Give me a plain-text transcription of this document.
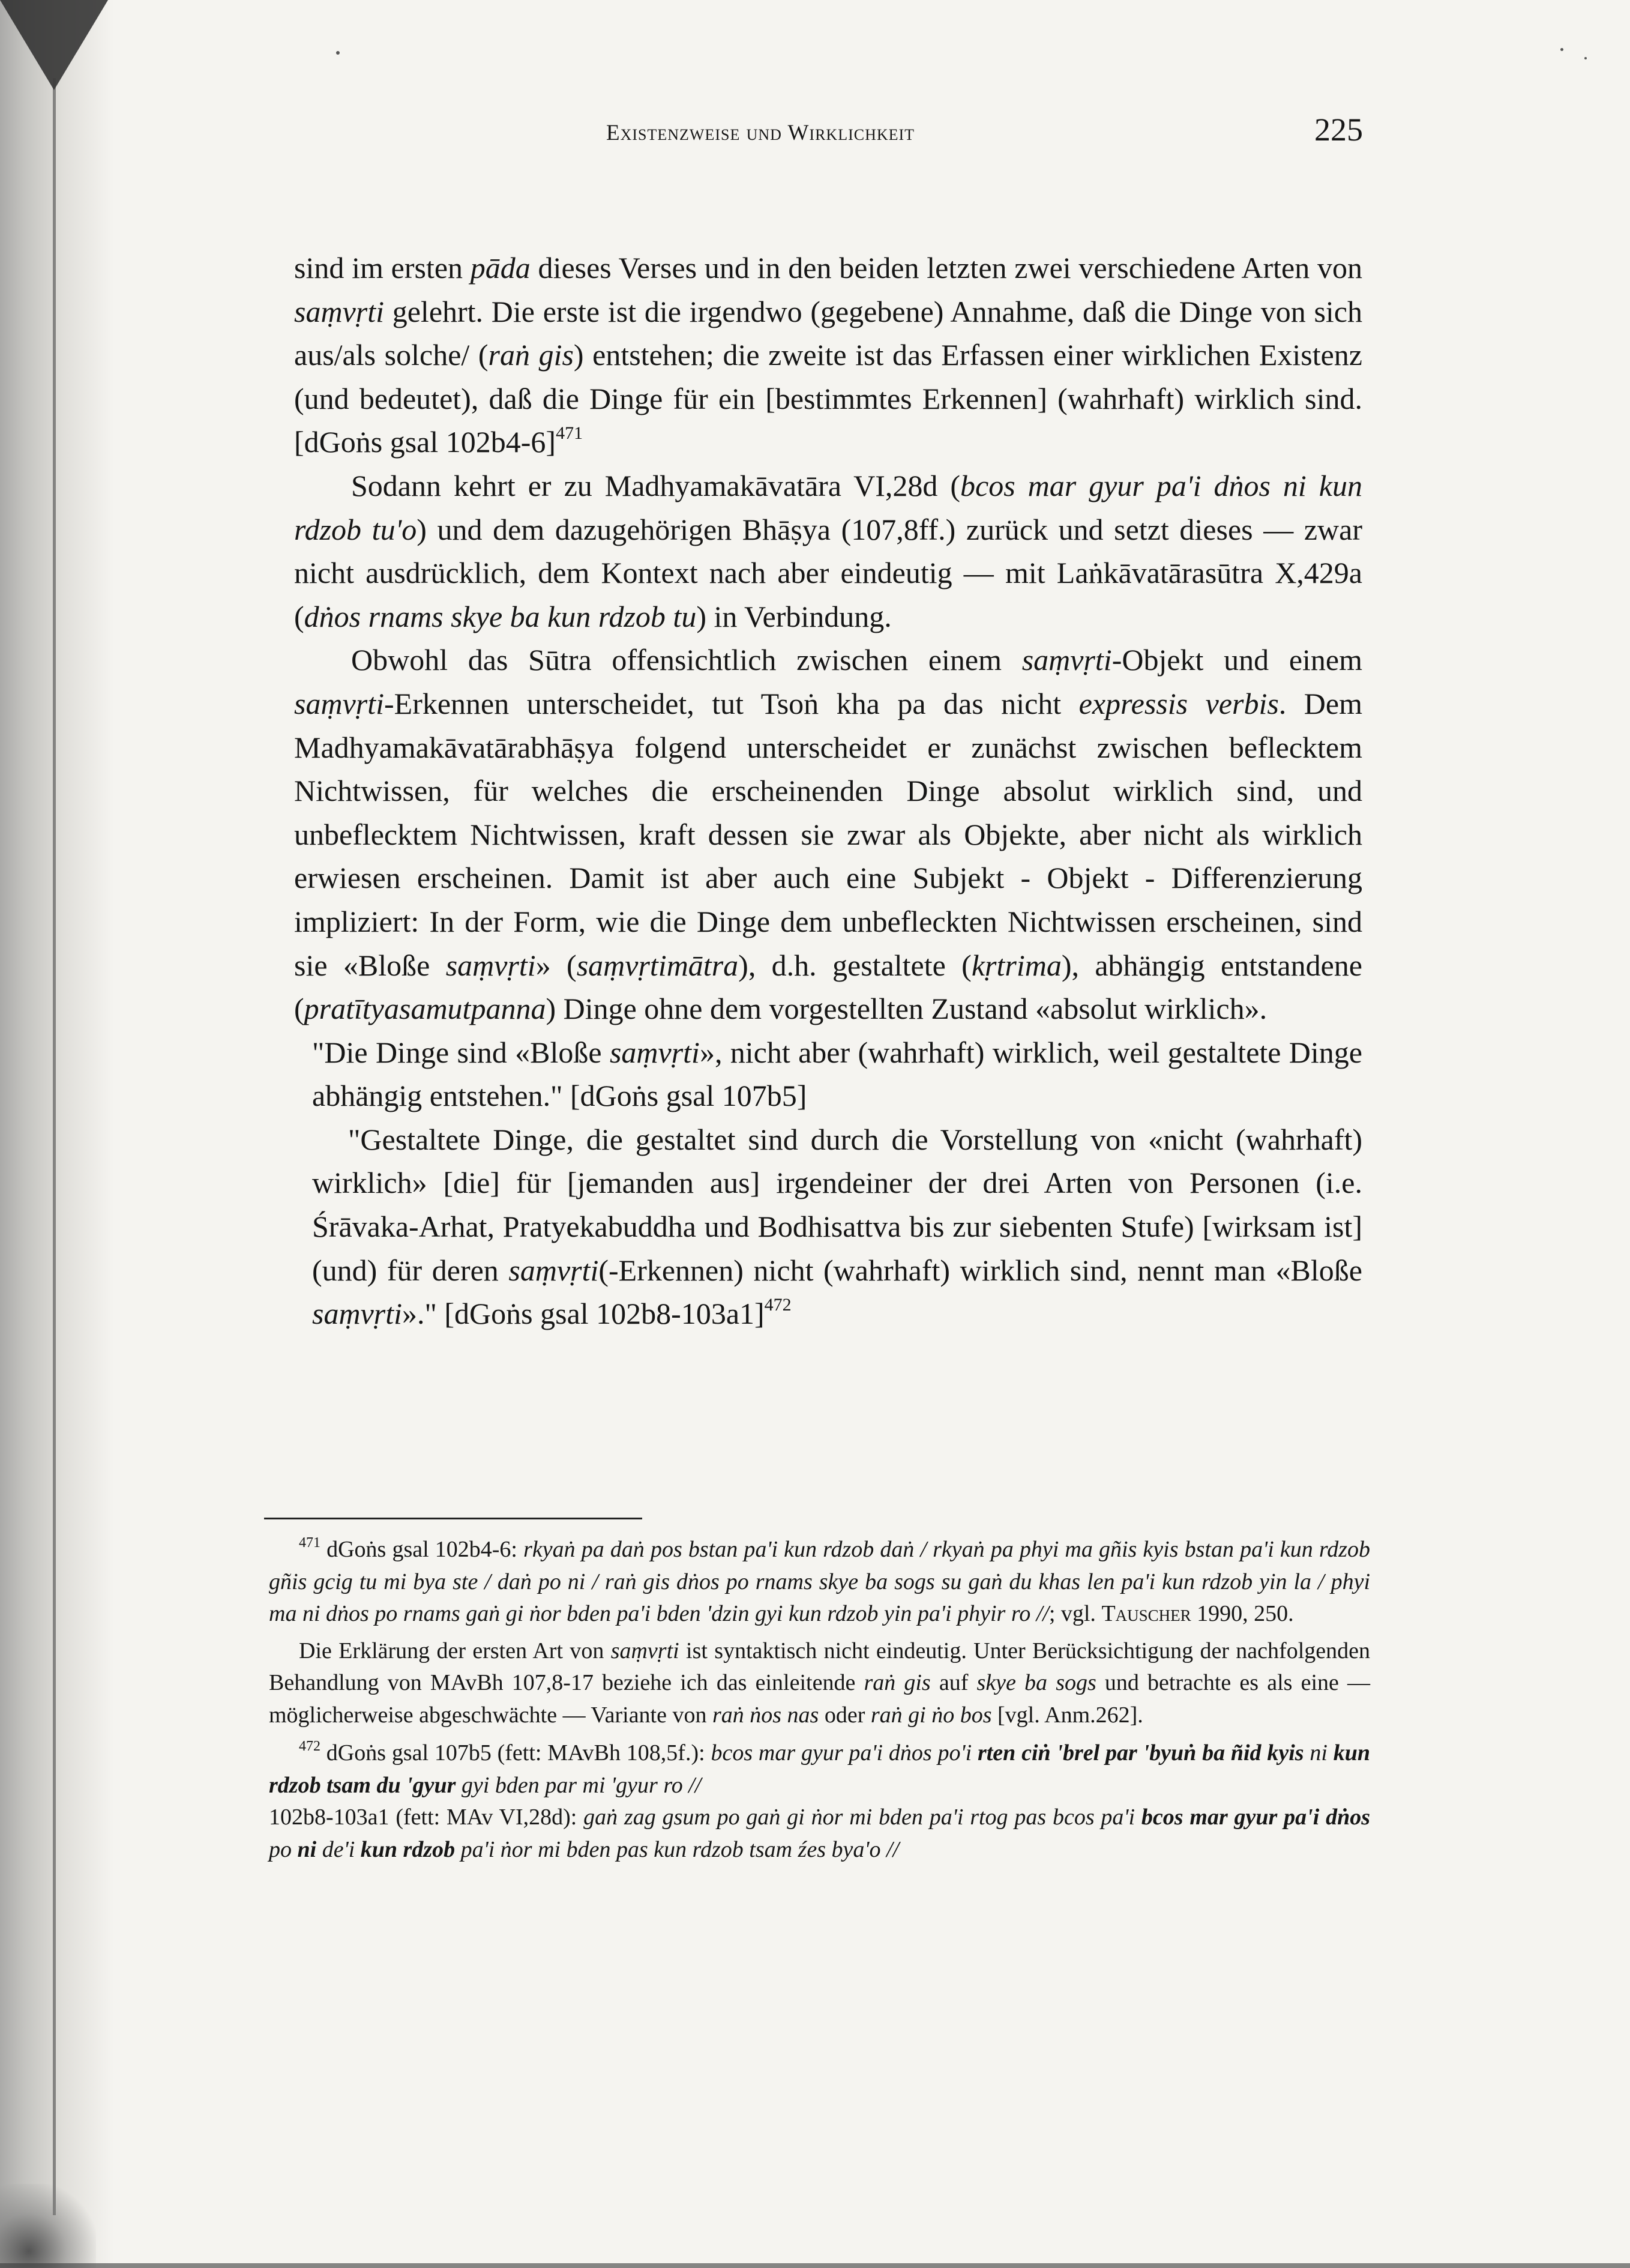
Existenzweise und Wirklichkeit	225

sind im ersten pāda dieses Verses und in den beiden letzten zwei verschiedene Arten von saṃvṛti gelehrt. Die erste ist die irgendwo (gegebene) Annahme, daß die Dinge von sich aus/als solche/ (raṅ gis) entstehen; die zweite ist das Erfassen einer wirklichen Existenz (und bedeutet), daß die Dinge für ein [bestimmtes Erkennen] (wahrhaft) wirklich sind. [dGoṅs gsal 102b4-6]$^{471}$

Sodann kehrt er zu Madhyamakāvatāra VI,28d (bcos mar gyur pa'i dṅos ni kun rdzob tu'o) und dem dazugehörigen Bhāṣya (107,8ff.) zurück und setzt dieses — zwar nicht ausdrücklich, dem Kontext nach aber eindeutig — mit Laṅkāvatārasūtra X,429a (dṅos rnams skye ba kun rdzob tu) in Verbindung.

Obwohl das Sūtra offensichtlich zwischen einem saṃvṛti-Objekt und einem saṃvṛti-Erkennen unterscheidet, tut Tsoṅ kha pa das nicht expressis verbis. Dem Madhyamakāvatārabhāṣya folgend unterscheidet er zunächst zwischen beflecktem Nichtwissen, für welches die erscheinenden Dinge absolut wirklich sind, und unbeflecktem Nichtwissen, kraft dessen sie zwar als Objekte, aber nicht als wirklich erwiesen erscheinen. Damit ist aber auch eine Subjekt - Objekt - Differenzierung impliziert: In der Form, wie die Dinge dem unbefleckten Nichtwissen erscheinen, sind sie «Bloße saṃvṛti» (saṃvṛtimātra), d.h. gestaltete (kṛtrima), abhängig entstandene (pratītyasamutpanna) Dinge ohne dem vorgestellten Zustand «absolut wirklich».

"Die Dinge sind «Bloße saṃvṛti», nicht aber (wahrhaft) wirklich, weil gestaltete Dinge abhängig entstehen." [dGoṅs gsal 107b5]

"Gestaltete Dinge, die gestaltet sind durch die Vorstellung von «nicht (wahrhaft) wirklich» [die] für [jemanden aus] irgendeiner der drei Arten von Personen (i.e. Śrāvaka-Arhat, Pratyekabuddha und Bodhisattva bis zur siebenten Stufe) [wirksam ist] (und) für deren saṃvṛti(-Erkennen) nicht (wahrhaft) wirklich sind, nennt man «Bloße saṃvṛti»." [dGoṅs gsal 102b8-103a1]$^{472}$

$^{471}$ dGoṅs gsal 102b4-6: rkyaṅ pa daṅ pos bstan pa'i kun rdzob daṅ / rkyaṅ pa phyi ma gñis kyis bstan pa'i kun rdzob gñis gcig tu mi bya ste / daṅ po ni / raṅ gis dṅos po rnams skye ba sogs su gaṅ du khas len pa'i kun rdzob yin la / phyi ma ni dṅos po rnams gaṅ gi ṅor bden pa'i bden 'dzin gyi kun rdzob yin pa'i phyir ro //; vgl. Tauscher 1990, 250.

Die Erklärung der ersten Art von saṃvṛti ist syntaktisch nicht eindeutig. Unter Berücksichtigung der nachfolgenden Behandlung von MAvBh 107,8-17 beziehe ich das einleitende raṅ gis auf skye ba sogs und betrachte es als eine — möglicherweise abgeschwächte — Variante von raṅ ṅos nas oder raṅ gi ṅo bos [vgl. Anm.262].

$^{472}$ dGoṅs gsal 107b5 (fett: MAvBh 108,5f.): bcos mar gyur pa'i dṅos po'i rten ciṅ 'brel par 'byuṅ ba ñid kyis ni kun rdzob tsam du 'gyur gyi bden par mi 'gyur ro //

102b8-103a1 (fett: MAv VI,28d): gaṅ zag gsum po gaṅ gi ṅor mi bden pa'i rtog pas bcos pa'i bcos mar gyur pa'i dṅos po ni de'i kun rdzob pa'i ṅor mi bden pas kun rdzob tsam źes bya'o //
